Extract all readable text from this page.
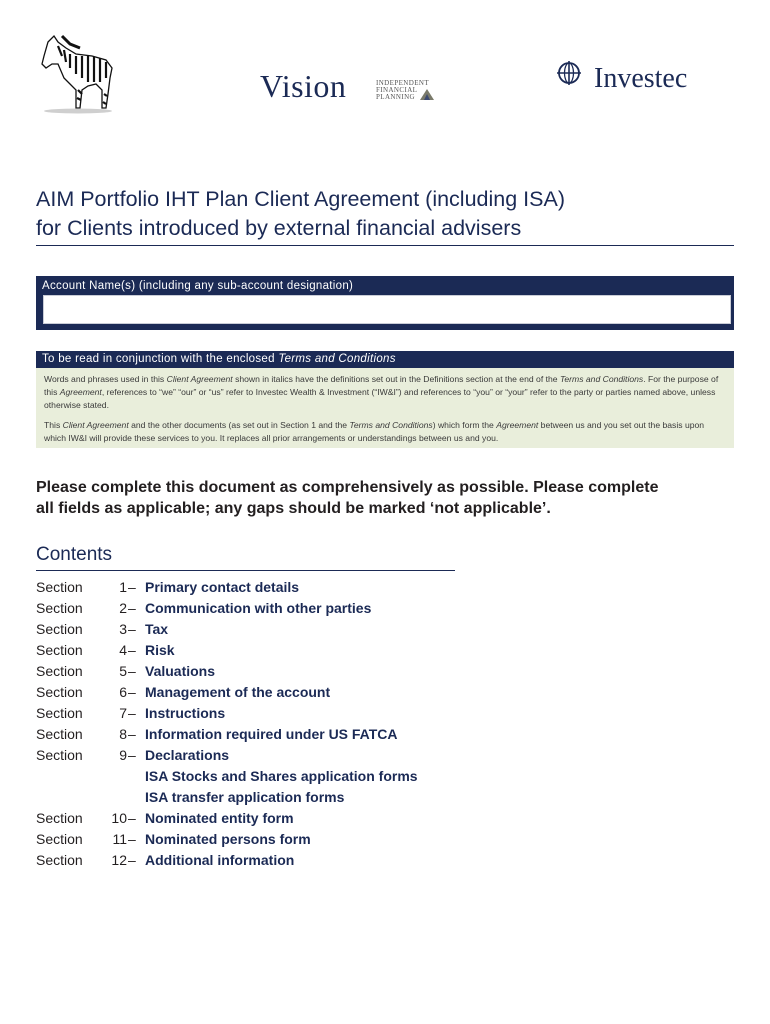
Vision	INDEPENDENT
FINANCIAL
PLANNING
Investec
AIM Portfolio IHT Plan Client Agreement (including ISA)
for Clients introduced by external financial advisers
Account Name(s) (including any sub-account designation)
To be read in conjunction with the enclosed Terms and Conditions

Words and phrases used in this Client Agreement shown in italics have the definitions set out in the Definitions section at the end of the Terms and Conditions. For the purpose of this Agreement, references to “we” “our” or “us” refer to Investec Wealth & Investment (“IW&I”) and references to “you” or “your” refer to the party or parties named above, unless otherwise stated.

This Client Agreement and the other documents (as set out in Section 1 and the Terms and Conditions) which form the Agreement between us and you set out the basis upon which IW&I will provide these services to you. It replaces all prior arrangements or understandings between us and you.

Please complete this document as comprehensively as possible. Please complete
all fields as applicable; any gaps should be marked ‘not applicable’.

Contents
Section	1 – Primary contact details
Section	2 – Communication with other parties
Section	3 – Tax
Section	4 – Risk
Section	5 – Valuations
Section	6 – Management of the account
Section	7 – Instructions
Section	8 – Information required under US FATCA
Section	9 – Declarations
ISA Stocks and Shares application forms
ISA transfer application forms
Section 10 – Nominated entity form
Section 11 – Nominated persons form
Section 12 – Additional information
